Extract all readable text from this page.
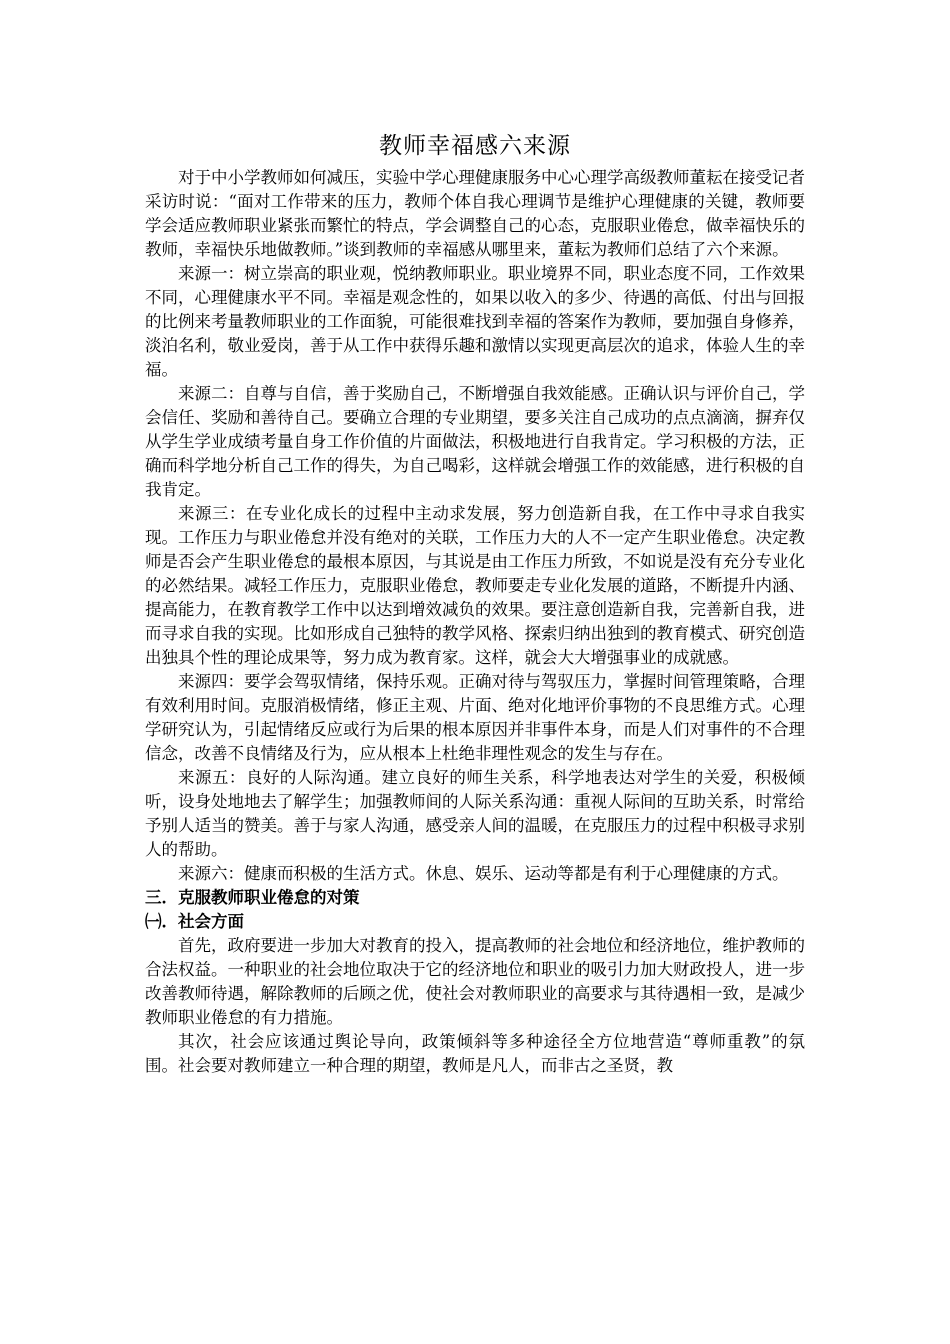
教师幸福感六来源

对于中小学教师如何减压，实验中学心理健康服务中心心理学高级教师董耘在接受记者采访时说：“面对工作带来的压力，教师个体自我心理调节是维护心理健康的关键，教师要学会适应教师职业紧张而繁忙的特点，学会调整自己的心态，克服职业倦怠，做幸福快乐的教师，幸福快乐地做教师。”谈到教师的幸福感从哪里来，董耘为教师们总结了六个来源。

来源一：树立崇高的职业观，悦纳教师职业。职业境界不同，职业态度不同，工作效果不同，心理健康水平不同。幸福是观念性的，如果以收入的多少、待遇的高低、付出与回报的比例来考量教师职业的工作面貌，可能很难找到幸福的答案作为教师，要加强自身修养，淡泊名利，敬业爱岗，善于从工作中获得乐趣和激情以实现更高层次的追求，体验人生的幸福。

来源二：自尊与自信，善于奖励自己，不断增强自我效能感。正确认识与评价自己，学会信任、奖励和善待自己。要确立合理的专业期望，要多关注自己成功的点点滴滴，摒弃仅从学生学业成绩考量自身工作价值的片面做法，积极地进行自我肯定。学习积极的方法，正确而科学地分析自己工作的得失，为自己喝彩，这样就会增强工作的效能感，进行积极的自我肯定。

来源三：在专业化成长的过程中主动求发展，努力创造新自我，在工作中寻求自我实现。工作压力与职业倦怠并没有绝对的关联，工作压力大的人不一定产生职业倦怠。决定教师是否会产生职业倦怠的最根本原因，与其说是由工作压力所致，不如说是没有充分专业化的必然结果。减轻工作压力，克服职业倦怠，教师要走专业化发展的道路，不断提升内涵、提高能力，在教育教学工作中以达到增效减负的效果。要注意创造新自我，完善新自我，进而寻求自我的实现。比如形成自己独特的教学风格、探索归纳出独到的教育模式、研究创造出独具个性的理论成果等，努力成为教育家。这样，就会大大增强事业的成就感。

来源四：要学会驾驭情绪，保持乐观。正确对待与驾驭压力，掌握时间管理策略，合理有效利用时间。克服消极情绪，修正主观、片面、绝对化地评价事物的不良思维方式。心理学研究认为，引起情绪反应或行为后果的根本原因并非事件本身，而是人们对事件的不合理信念，改善不良情绪及行为，应从根本上杜绝非理性观念的发生与存在。

来源五：良好的人际沟通。建立良好的师生关系，科学地表达对学生的关爱，积极倾听，设身处地地去了解学生；加强教师间的人际关系沟通：重视人际间的互助关系，时常给予别人适当的赞美。善于与家人沟通，感受亲人间的温暖，在克服压力的过程中积极寻求别人的帮助。

来源六：健康而积极的生活方式。休息、娱乐、运动等都是有利于心理健康的方式。

三．克服教师职业倦怠的对策
㈠．社会方面

首先，政府要进一步加大对教育的投入，提高教师的社会地位和经济地位，维护教师的合法权益。一种职业的社会地位取决于它的经济地位和职业的吸引力加大财政投人，进一步改善教师待遇，解除教师的后顾之优，使社会对教师职业的高要求与其待遇相一致，是减少教师职业倦怠的有力措施。

其次，社会应该通过舆论导向，政策倾斜等多种途径全方位地营造“尊师重教”的氛围。社会要对教师建立一种合理的期望，教师是凡人，而非古之圣贤，教
